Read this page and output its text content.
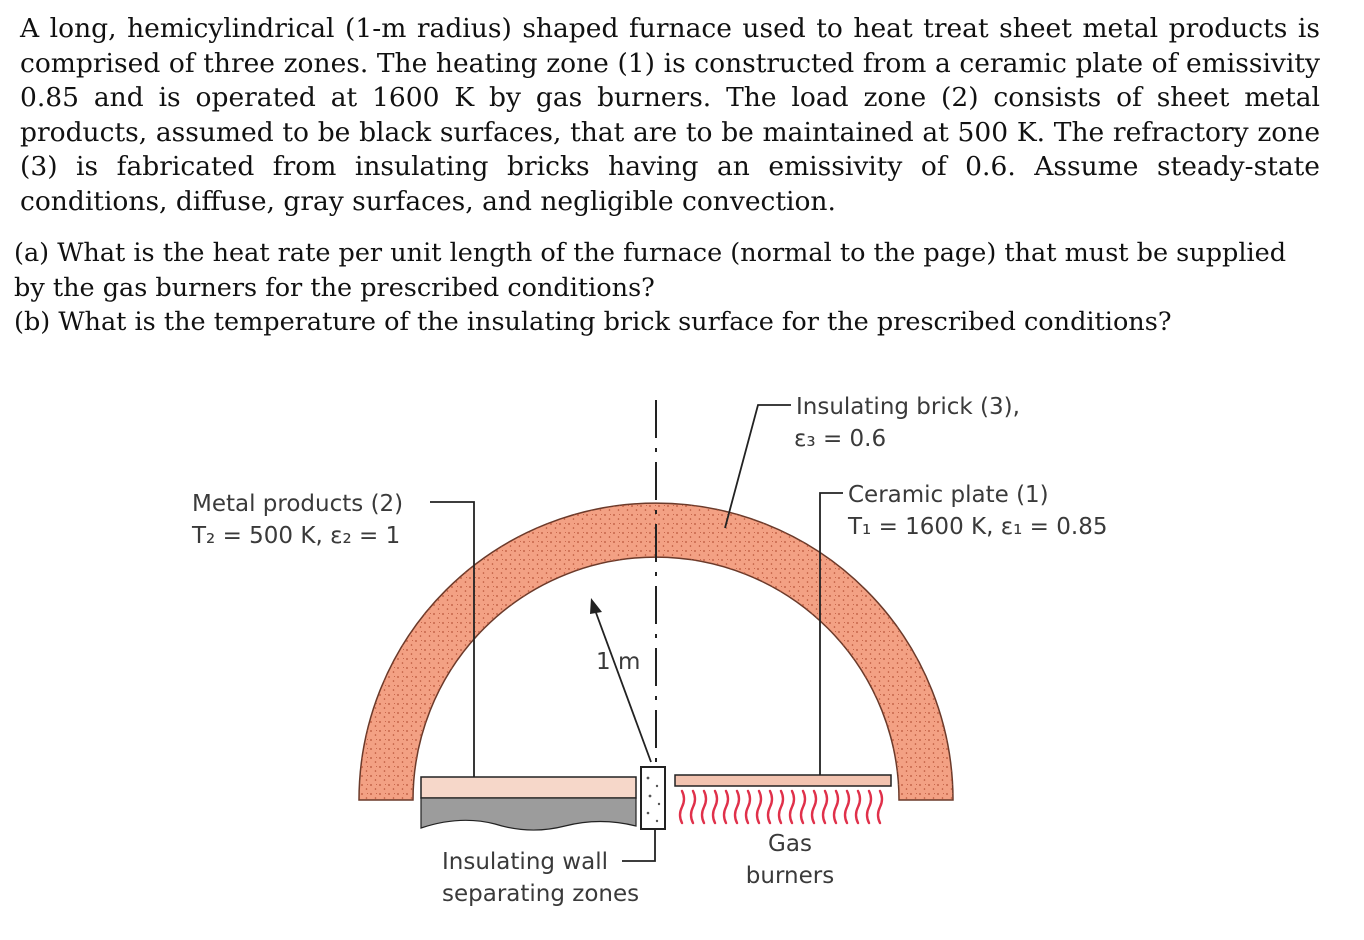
A long, hemicylindrical (1-m radius) shaped furnace used to heat treat sheet metal products is comprised of three zones. The heating zone (1) is constructed from a ceramic plate of emissivity 0.85 and is operated at 1600 K by gas burners. The load zone (2) consists of sheet metal products, assumed to be black surfaces, that are to be maintained at 500 K. The refractory zone (3) is fabricated from insulating bricks having an emissivity of 0.6. Assume steady-state conditions, diffuse, gray surfaces, and negligible convection.

(a) What is the heat rate per unit length of the furnace (normal to the page) that must be supplied by the gas burners for the prescribed conditions?

(b) What is the temperature of the insulating brick surface for the prescribed conditions?

Insulating brick (3),
ε₃ = 0.6
Ceramic plate (1)
T₁ = 1600 K, ε₁ = 0.85
Metal products (2)
T₂ = 500 K, ε₂ = 1
1 m
Insulating wall
separating zones
Gas
burners
